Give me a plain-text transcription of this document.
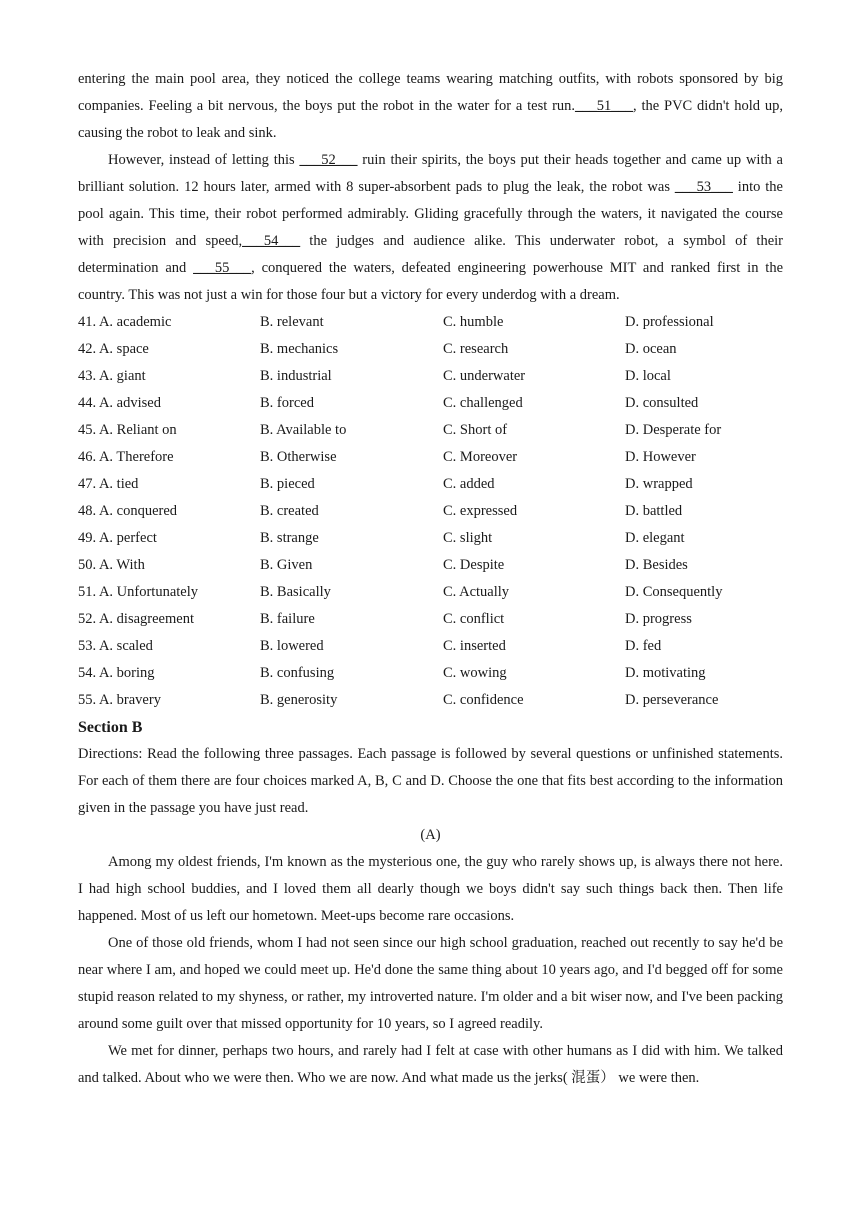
entering the main pool area, they noticed the college teams wearing matching outfits, with robots sponsored by big companies. Feeling a bit nervous, the boys put the robot in the water for a test run.___51___, the PVC didn't hold up, causing the robot to leak and sink.

However, instead of letting this ___52___ ruin their spirits, the boys put their heads together and came up with a brilliant solution. 12 hours later, armed with 8 super-absorbent pads to plug the leak, the robot was ___53___ into the pool again. This time, their robot performed admirably. Gliding gracefully through the waters, it navigated the course with precision and speed,___54___ the judges and audience alike. This underwater robot, a symbol of their determination and ___55___, conquered the waters, defeated engineering powerhouse MIT and ranked first in the country. This was not just a win for those four but a victory for every underdog with a dream.

41. A. academic	B. relevant	C. humble	D. professional
42. A. space	B. mechanics	C. research	D. ocean
43. A. giant	B. industrial	C. underwater	D. local
44. A. advised	B. forced	C. challenged	D. consulted
45. A. Reliant on	B. Available to	C. Short of	D. Desperate for
46. A. Therefore	B. Otherwise	C. Moreover	D. However
47. A. tied	B. pieced	C. added	D. wrapped
48. A. conquered	B. created	C. expressed	D. battled
49. A. perfect	B. strange	C. slight	D. elegant
50. A. With	B. Given	C. Despite	D. Besides
51. A. Unfortunately	B. Basically	C. Actually	D. Consequently
52. A. disagreement	B. failure	C. conflict	D. progress
53. A. scaled	B. lowered	C. inserted	D. fed
54. A. boring	B. confusing	C. wowing	D. motivating
55. A. bravery	B. generosity	C. confidence	D. perseverance

Section B

Directions: Read the following three passages. Each passage is followed by several questions or unfinished statements. For each of them there are four choices marked A, B, C and D. Choose the one that fits best according to the information given in the passage you have just read.

(A)

Among my oldest friends, I'm known as the mysterious one, the guy who rarely shows up, is always there not here. I had high school buddies, and I loved them all dearly though we boys didn't say such things back then. Then life happened. Most of us left our hometown. Meet-ups become rare occasions.

One of those old friends, whom I had not seen since our high school graduation, reached out recently to say he'd be near where I am, and hoped we could meet up. He'd done the same thing about 10 years ago, and I'd begged off for some stupid reason related to my shyness, or rather, my introverted nature. I'm older and a bit wiser now, and I've been packing around some guilt over that missed opportunity for 10 years, so I agreed readily.

We met for dinner, perhaps two hours, and rarely had I felt at case with other humans as I did with him. We talked and talked. About who we were then. Who we are now. And what made us the jerks( 混蛋） we were then.
